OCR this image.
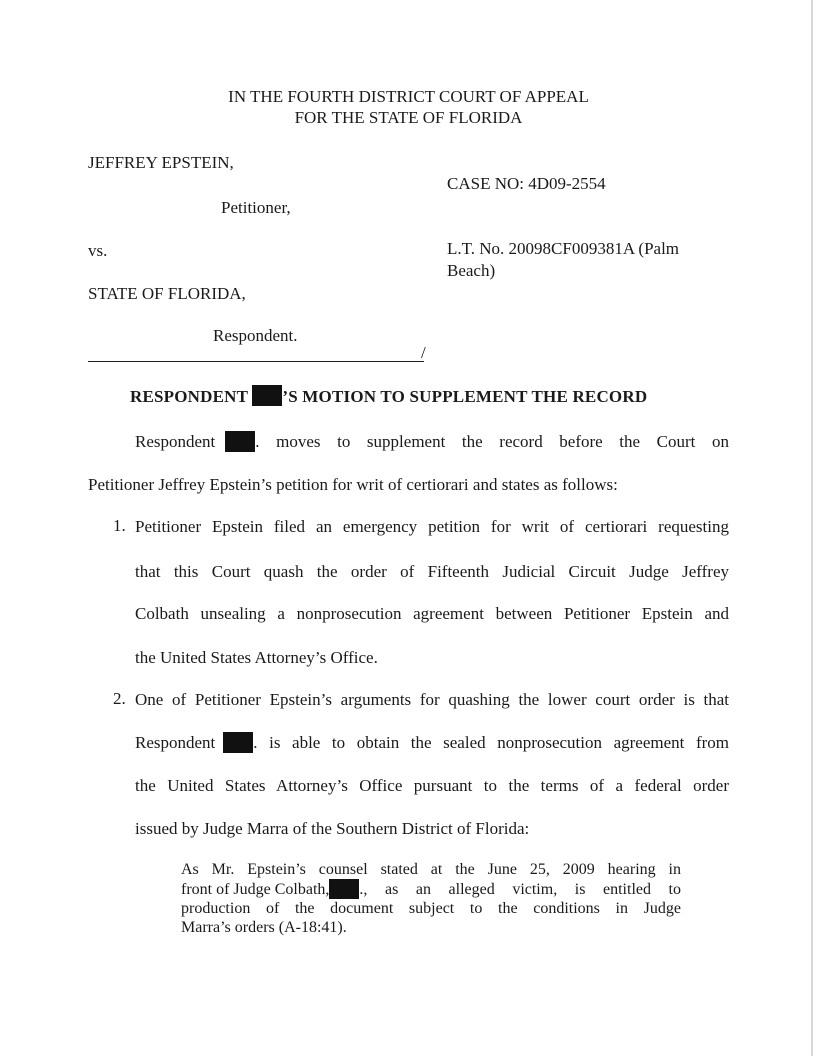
IN THE FOURTH DISTRICT COURT OF APPEAL
FOR THE STATE OF FLORIDA
JEFFREY EPSTEIN,
CASE NO: 4D09-2554
Petitioner,
vs.	L.T. No. 20098CF009381A (Palm
Beach)
STATE OF FLORIDA,
Respondent.
/
RESPONDENT ’S MOTION TO SUPPLEMENT THE RECORD
Respondent . moves to supplement the record before the Court on
Petitioner Jeffrey Epstein’s petition for writ of certiorari and states as follows:
1. Petitioner Epstein filed an emergency petition for writ of certiorari requesting
that this Court quash the order of Fifteenth Judicial Circuit Judge Jeffrey
Colbath unsealing a nonprosecution agreement between Petitioner Epstein and
the United States Attorney’s Office.
2. One of Petitioner Epstein’s arguments for quashing the lower court order is that
Respondent . is able to obtain the sealed nonprosecution agreement from
the United States Attorney’s Office pursuant to the terms of a federal order
issued by Judge Marra of the Southern District of Florida:
As Mr. Epstein’s counsel stated at the June 25, 2009 hearing in
front of Judge Colbath, ., as an alleged victim, is entitled to
production of the document subject to the conditions in Judge
Marra’s orders (A-18:41).
